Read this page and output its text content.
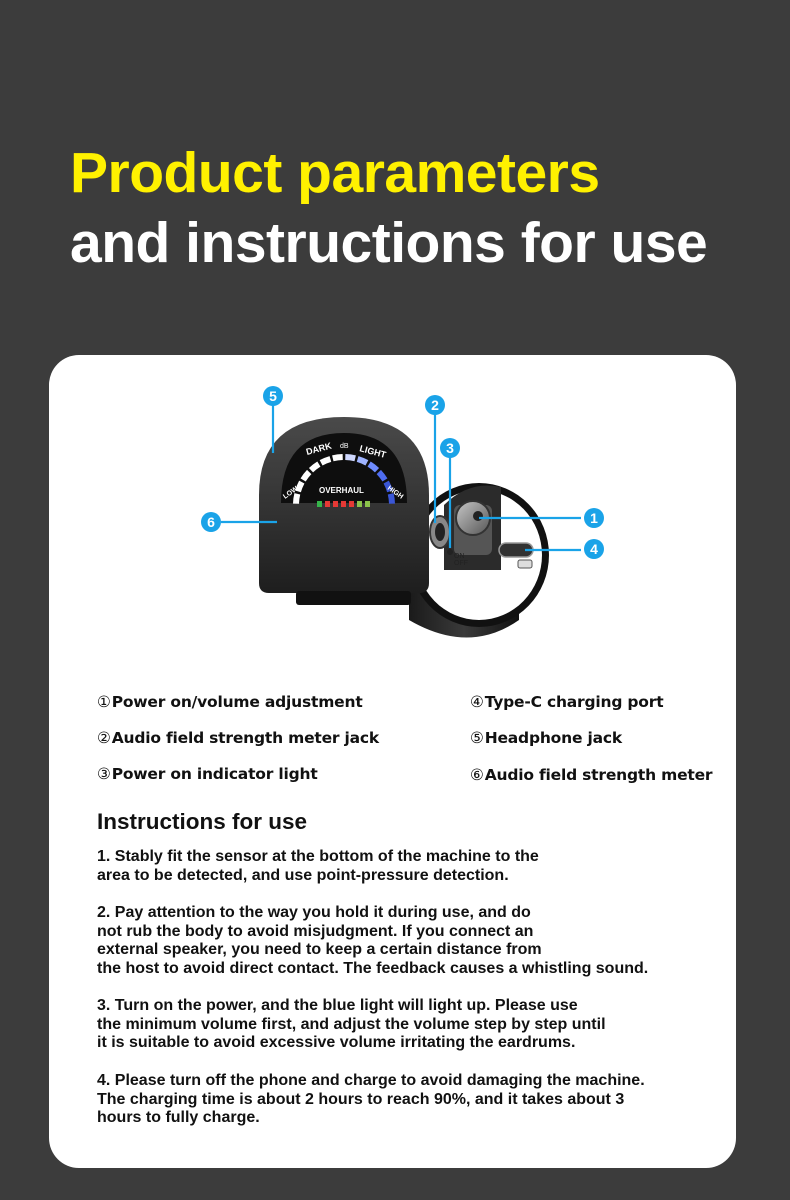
Product parameters
and instructions for use
ON
OFF
DARK dB LIGHT
OVERHAUL
LOW	HIGH
5
2
3
1
4
6
①Power on/volume adjustment
②Audio field strength meter jack
③Power on indicator light
④Type-C charging port
⑤Headphone jack
⑥Audio field strength meter
Instructions for use

1. Stably fit the sensor at the bottom of the machine to the
area to be detected, and use point-pressure detection.

2. Pay attention to the way you hold it during use, and do
not rub the body to avoid misjudgment. If you connect an
external speaker, you need to keep a certain distance from
the host to avoid direct contact. The feedback causes a whistling sound.

3. Turn on the power, and the blue light will light up. Please use
the minimum volume first, and adjust the volume step by step until
it is suitable to avoid excessive volume irritating the eardrums.

4. Please turn off the phone and charge to avoid damaging the machine.
The charging time is about 2 hours to reach 90%, and it takes about 3
hours to fully charge.
